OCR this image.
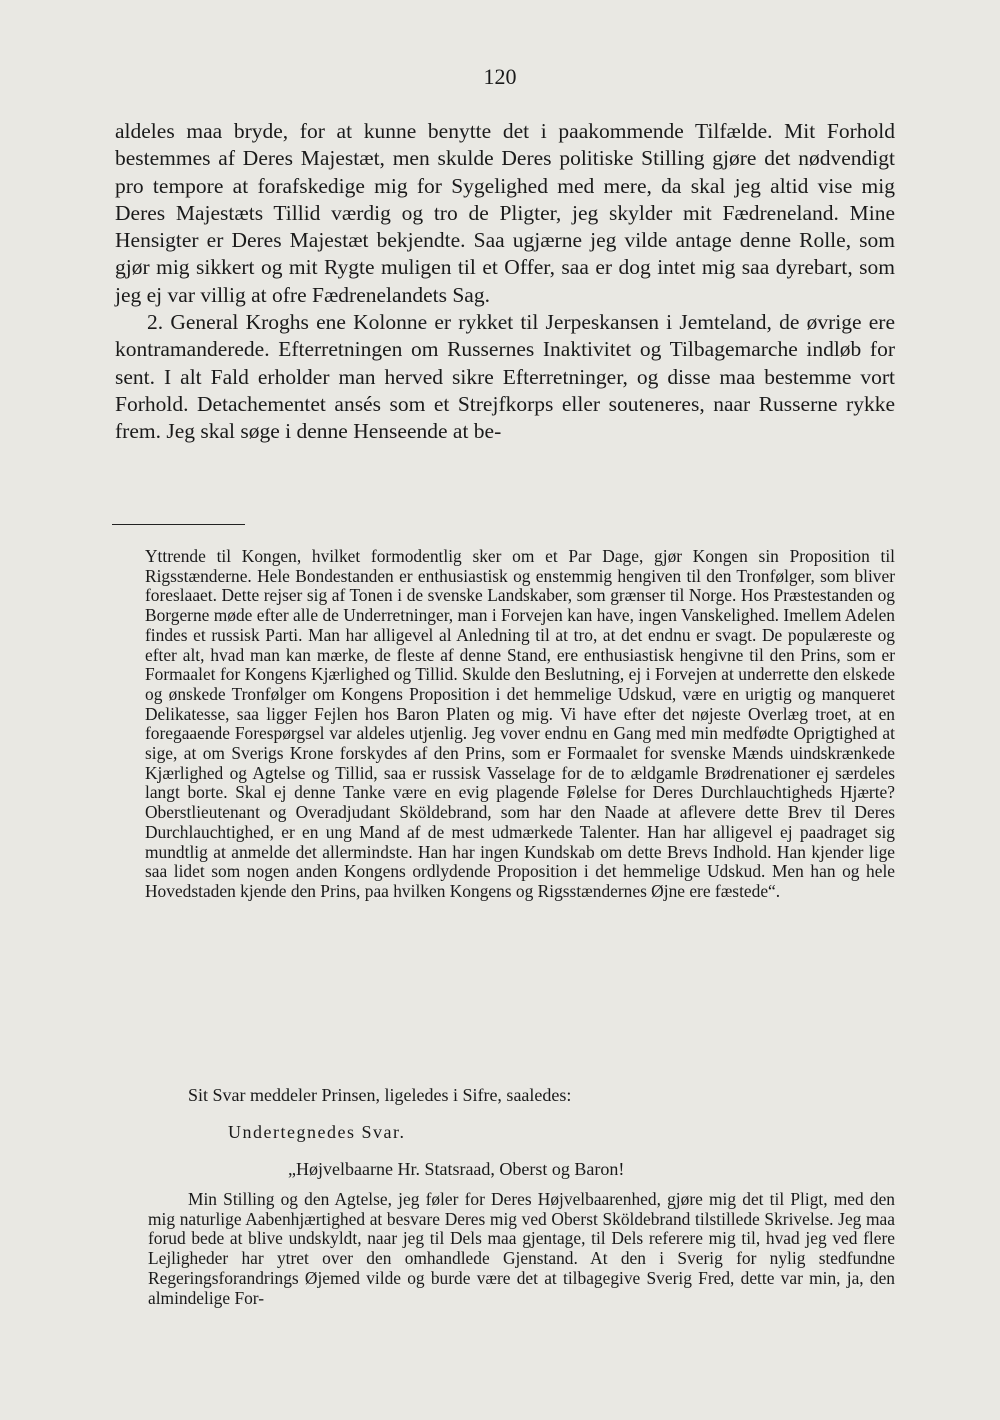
120

aldeles maa bryde, for at kunne benytte det i paakommende Tilfælde. Mit Forhold bestemmes af Deres Majestæt, men skulde Deres politiske Stilling gjøre det nødvendigt pro tempore at forafskedige mig for Sygelighed med mere, da skal jeg altid vise mig Deres Majestæts Tillid værdig og tro de Pligter, jeg skylder mit Fædreneland. Mine Hensigter er Deres Majestæt bekjendte. Saa ugjærne jeg vilde antage denne Rolle, som gjør mig sikkert og mit Rygte muligen til et Offer, saa er dog intet mig saa dyrebart, som jeg ej var villig at ofre Fædrenelandets Sag.

2. General Kroghs ene Kolonne er rykket til Jerpeskansen i Jemteland, de øvrige ere kontramanderede. Efterretningen om Russernes Inaktivitet og Tilbagemarche indløb for sent. I alt Fald erholder man herved sikre Efterretninger, og disse maa bestemme vort Forhold. Detachementet ansés som et Strejfkorps eller souteneres, naar Russerne rykke frem. Jeg skal søge i denne Henseende at be-

Yttrende til Kongen, hvilket formodentlig sker om et Par Dage, gjør Kongen sin Proposition til Rigsstænderne. Hele Bondestanden er enthusiastisk og enstemmig hengiven til den Tronfølger, som bliver foreslaaet. Dette rejser sig af Tonen i de svenske Landskaber, som grænser til Norge. Hos Præstestanden og Borgerne møde efter alle de Underretninger, man i Forvejen kan have, ingen Vanskelighed. Imellem Adelen findes et russisk Parti. Man har alligevel al Anledning til at tro, at det endnu er svagt. De populæreste og efter alt, hvad man kan mærke, de fleste af denne Stand, ere enthusiastisk hengivne til den Prins, som er Formaalet for Kongens Kjærlighed og Tillid. Skulde den Beslutning, ej i Forvejen at underrette den elskede og ønskede Tronfølger om Kongens Proposition i det hemmelige Udskud, være en urigtig og manqueret Delikatesse, saa ligger Fejlen hos Baron Platen og mig. Vi have efter det nøjeste Overlæg troet, at en foregaaende Forespørgsel var aldeles utjenlig. Jeg vover endnu en Gang med min medfødte Oprigtighed at sige, at om Sverigs Krone forskydes af den Prins, som er Formaalet for svenske Mænds uindskrænkede Kjærlighed og Agtelse og Tillid, saa er russisk Vasselage for de to ældgamle Brødrenationer ej særdeles langt borte. Skal ej denne Tanke være en evig plagende Følelse for Deres Durchlauchtigheds Hjærte? Oberstlieutenant og Overadjudant Sköldebrand, som har den Naade at aflevere dette Brev til Deres Durchlauchtighed, er en ung Mand af de mest udmærkede Talenter. Han har alligevel ej paadraget sig mundtlig at anmelde det allermindste. Han har ingen Kundskab om dette Brevs Indhold. Han kjender lige saa lidet som nogen anden Kongens ordlydende Proposition i det hemmelige Udskud. Men han og hele Hovedstaden kjende den Prins, paa hvilken Kongens og Rigsstændernes Øjne ere fæstede“.

Sit Svar meddeler Prinsen, ligeledes i Sifre, saaledes:
Undertegnedes Svar.
„Højvelbaarne Hr. Statsraad, Oberst og Baron!
Min Stilling og den Agtelse, jeg føler for Deres Højvelbaarenhed, gjøre mig det til Pligt, med den mig naturlige Aabenhjærtighed at besvare Deres mig ved Oberst Sköldebrand tilstillede Skrivelse. Jeg maa forud bede at blive undskyldt, naar jeg til Dels maa gjentage, til Dels referere mig til, hvad jeg ved flere Lejligheder har ytret over den omhandlede Gjenstand. At den i Sverig for nylig stedfundne Regeringsforandrings Øjemed vilde og burde være det at tilbagegive Sverig Fred, dette var min, ja, den almindelige For-
